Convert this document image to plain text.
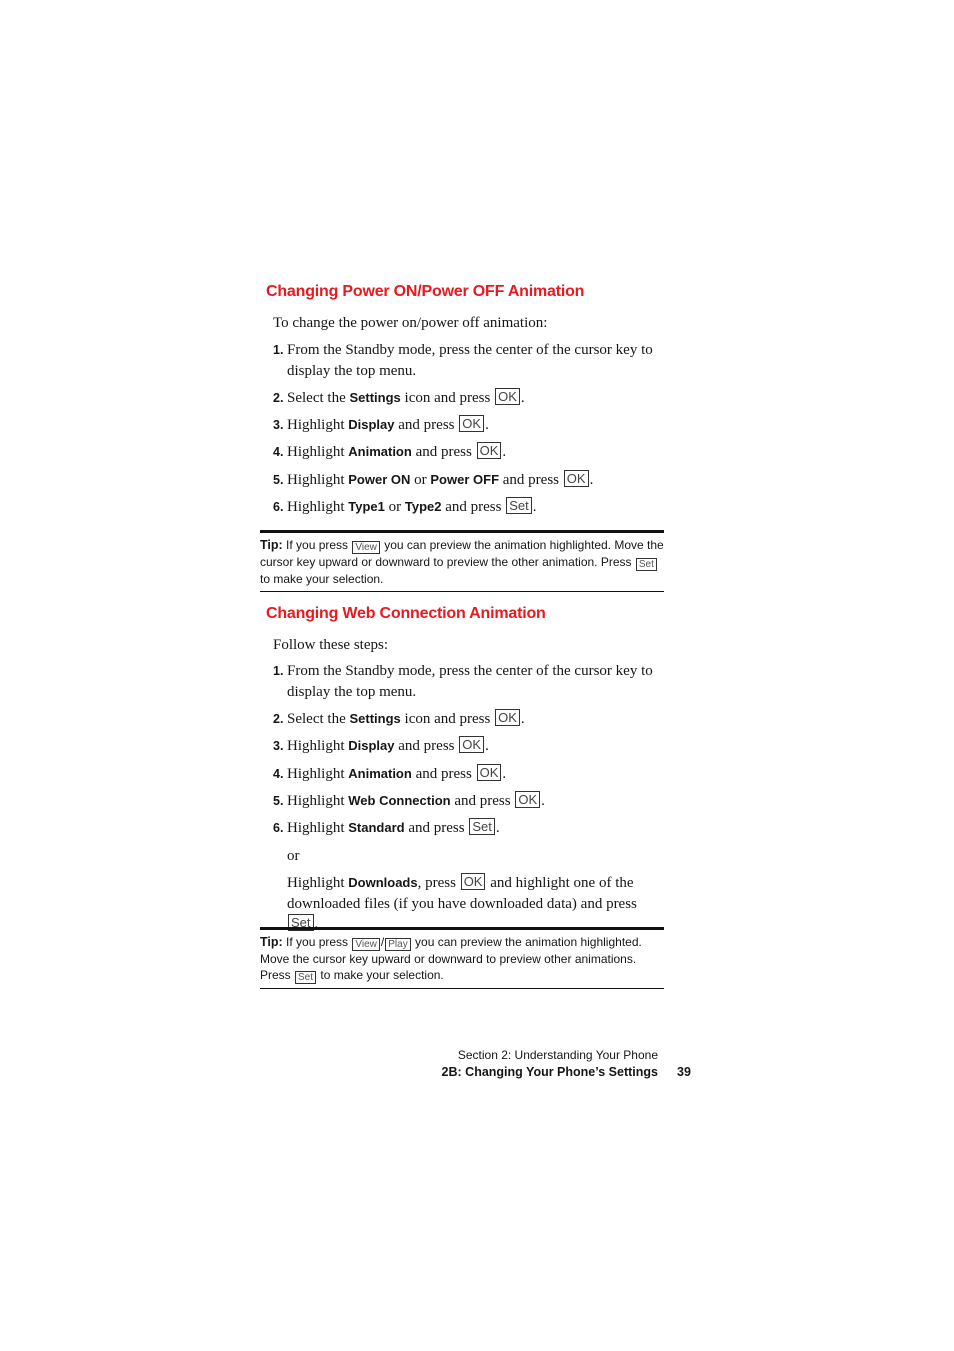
Changing Power ON/Power OFF Animation
To change the power on/power off animation:
1. From the Standby mode, press the center of the cursor key to display the top menu.
2. Select the Settings icon and press OK .
3. Highlight Display and press OK .
4. Highlight Animation and press OK .
5. Highlight Power ON or Power OFF and press OK .
6. Highlight Type1 or Type2 and press Set .
Tip: If you press View you can preview the animation highlighted. Move the cursor key upward or downward to preview the other animation. Press Set to make your selection.
Changing Web Connection Animation
Follow these steps:
1. From the Standby mode, press the center of the cursor key to display the top menu.
2. Select the Settings icon and press OK .
3. Highlight Display and press OK .
4. Highlight Animation and press OK .
5. Highlight Web Connection and press OK .
6. Highlight Standard and press Set .
or
Highlight Downloads, press OK and highlight one of the downloaded files (if you have downloaded data) and press Set .
Tip: If you press View / Play you can preview the animation highlighted. Move the cursor key upward or downward to preview other animations. Press Set to make your selection.
Section 2: Understanding Your Phone
2B: Changing Your Phone’s Settings 39
